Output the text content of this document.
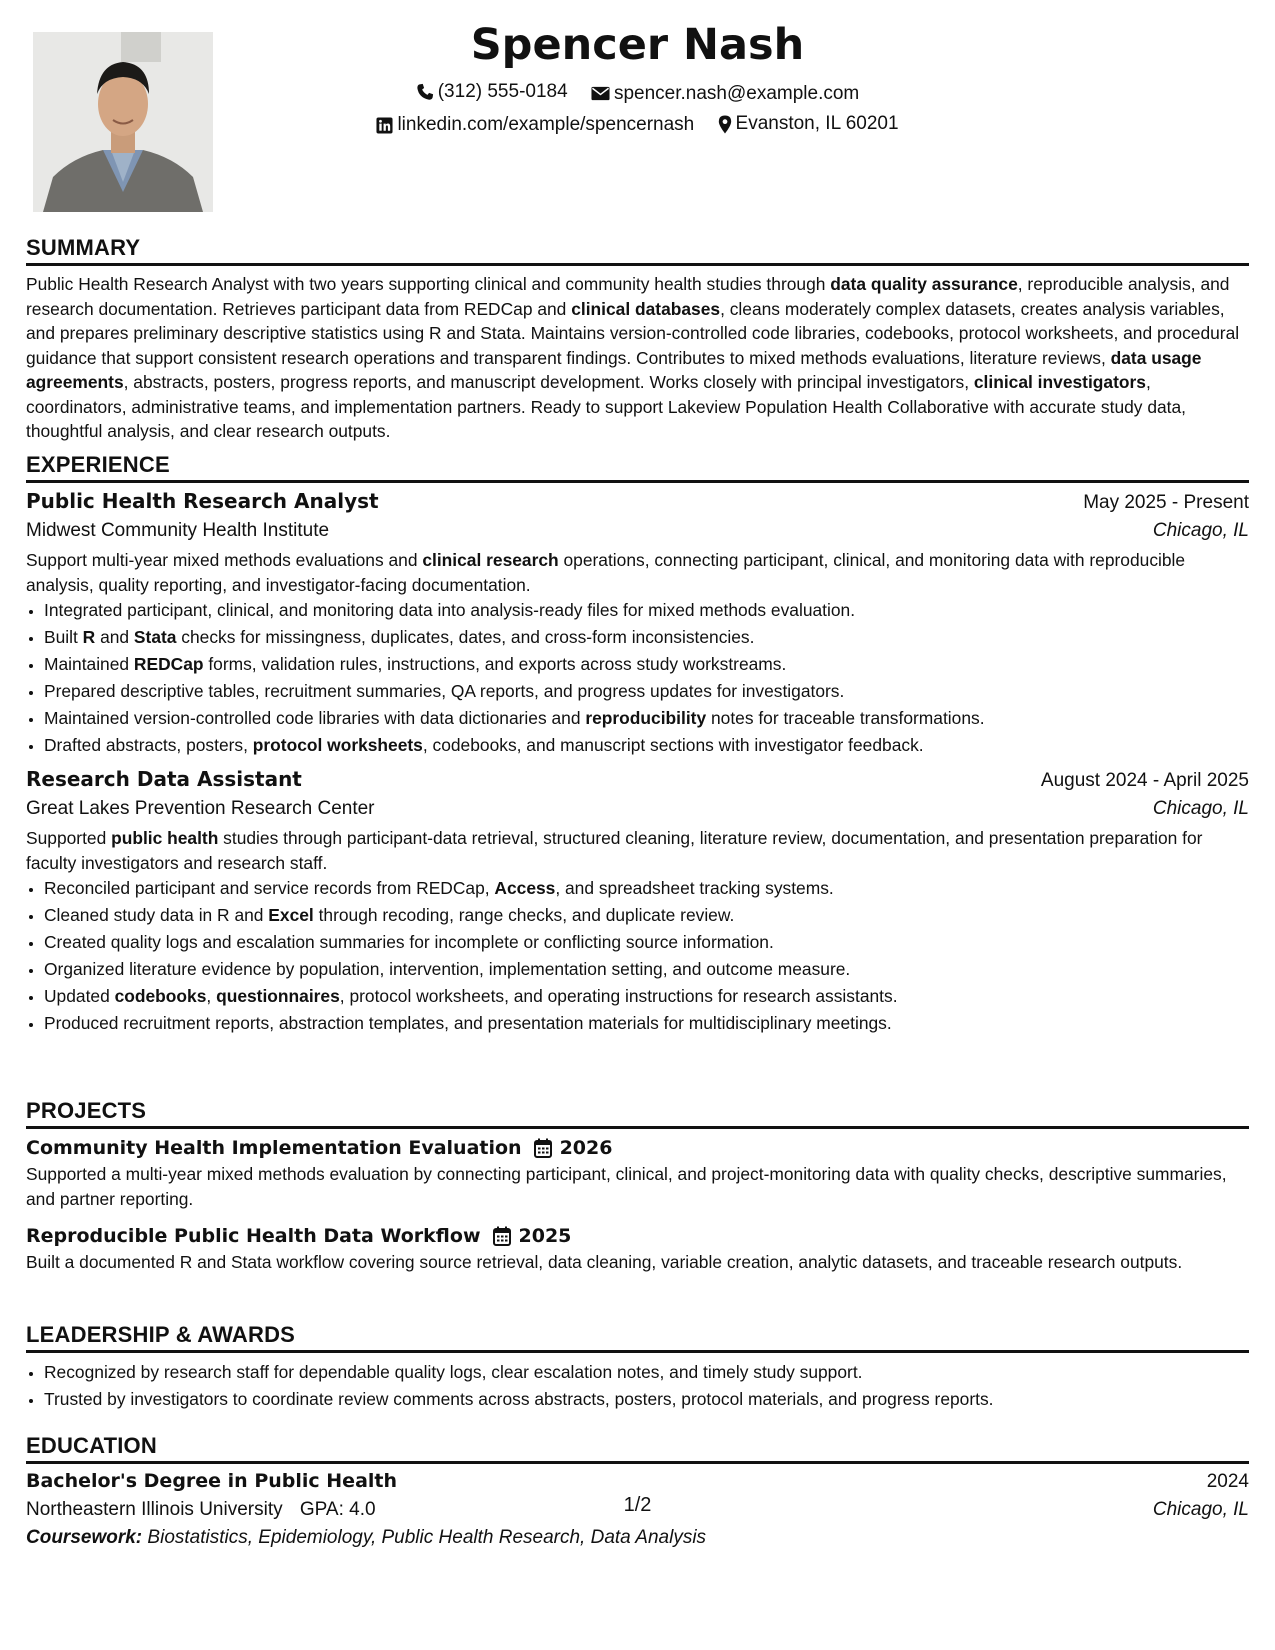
Spencer Nash
(312) 555-0184
spencer.nash@example.com
linkedin.com/example/spencernash
Evanston, IL 60201
SUMMARY

Public Health Research Analyst with two years supporting clinical and community health studies through data quality assurance, reproducible analysis, and research documentation. Retrieves participant data from REDCap and clinical databases, cleans moderately complex datasets, creates analysis variables, and prepares preliminary descriptive statistics using R and Stata. Maintains version-controlled code libraries, codebooks, protocol worksheets, and procedural guidance that support consistent research operations and transparent findings. Contributes to mixed methods evaluations, literature reviews, data usage agreements, abstracts, posters, progress reports, and manuscript development. Works closely with principal investigators, clinical investigators, coordinators, administrative teams, and implementation partners. Ready to support Lakeview Population Health Collaborative with accurate study data, thoughtful analysis, and clear research outputs.

EXPERIENCE
Public Health Research Analyst	May 2025 - Present
Midwest Community Health Institute	Chicago, IL

Support multi-year mixed methods evaluations and clinical research operations, connecting participant, clinical, and monitoring data with reproducible analysis, quality reporting, and investigator-facing documentation.

• Integrated participant, clinical, and monitoring data into analysis-ready files for mixed methods evaluation.
• Built R and Stata checks for missingness, duplicates, dates, and cross-form inconsistencies.
• Maintained REDCap forms, validation rules, instructions, and exports across study workstreams.
• Prepared descriptive tables, recruitment summaries, QA reports, and progress updates for investigators.
• Maintained version-controlled code libraries with data dictionaries and reproducibility notes for traceable transformations.
• Drafted abstracts, posters, protocol worksheets, codebooks, and manuscript sections with investigator feedback.
Research Data Assistant	August 2024 - April 2025
Great Lakes Prevention Research Center	Chicago, IL

Supported public health studies through participant-data retrieval, structured cleaning, literature review, documentation, and presentation preparation for faculty investigators and research staff.

• Reconciled participant and service records from REDCap, Access, and spreadsheet tracking systems.
• Cleaned study data in R and Excel through recoding, range checks, and duplicate review.
• Created quality logs and escalation summaries for incomplete or conflicting source information.
• Organized literature evidence by population, intervention, implementation setting, and outcome measure.
• Updated codebooks, questionnaires, protocol worksheets, and operating instructions for research assistants.
• Produced recruitment reports, abstraction templates, and presentation materials for multidisciplinary meetings.
PROJECTS
Community Health Implementation Evaluation 2026

Supported a multi-year mixed methods evaluation by connecting participant, clinical, and project-monitoring data with quality checks, descriptive summaries, and partner reporting.

Reproducible Public Health Data Workflow 2025

Built a documented R and Stata workflow covering source retrieval, data cleaning, variable creation, analytic datasets, and traceable research outputs.

LEADERSHIP & AWARDS
• Recognized by research staff for dependable quality logs, clear escalation notes, and timely study support.
• Trusted by investigators to coordinate review comments across abstracts, posters, protocol materials, and progress reports.
EDUCATION
Bachelor's Degree in Public Health	2024
Northeastern Illinois University GPA: 4.0	Chicago, IL
Coursework: Biostatistics, Epidemiology, Public Health Research, Data Analysis
1/2
